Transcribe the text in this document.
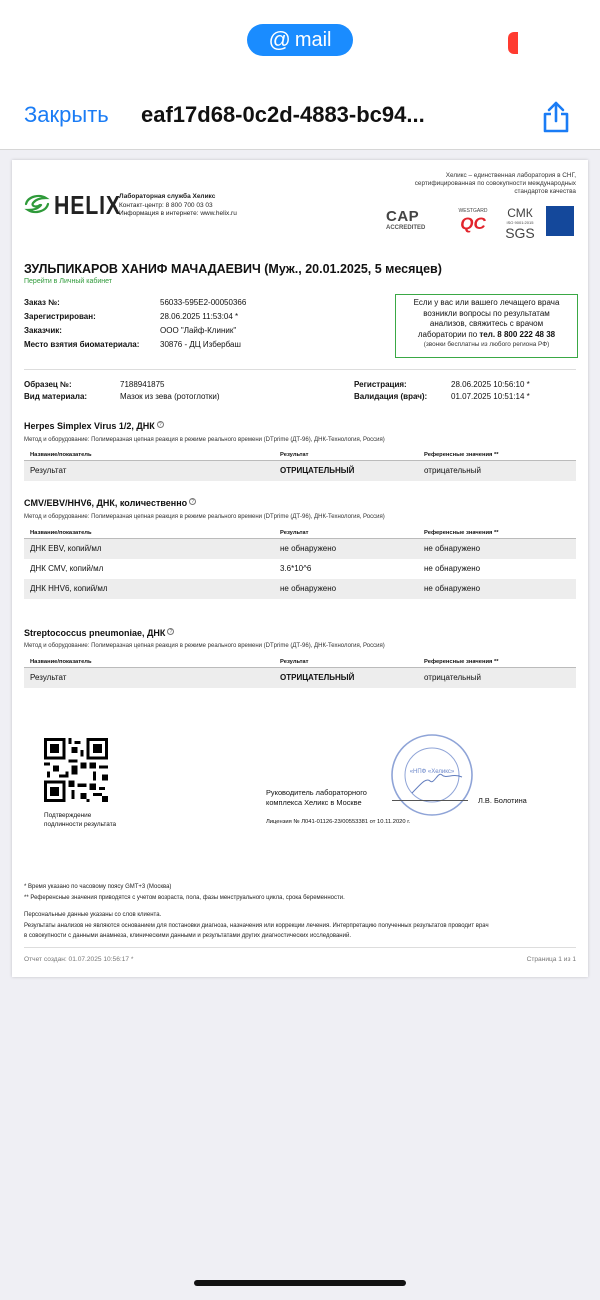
@ mail
Закрыть eaf17d68-0c2d-4883-bc94...
HELIX
Лабораторная служба Хеликс
Контакт-центр: 8 800 700 03 03
Информация в интернете: www.helix.ru
Хеликс – единственная лаборатория в СНГ,
сертифицированная по совокупности международных
стандартов качества
CAP
ACCREDITED
WESTGARD
QC
СМК
ISO 9001:2015
SGS
ЗУЛЬПИКАРОВ ХАНИФ МАЧАДАЕВИЧ (Муж., 20.01.2025, 5 месяцев)
Перейти в Личный кабинет
Заказ №:	56033-595E2-00050366
Зарегистрирован:	28.06.2025 11:53:04 *
Заказчик:	ООО "Лайф-Клиник"
Место взятия биоматериала:	30876 - ДЦ Избербаш
Если у вас или вашего лечащего врача
возникли вопросы по результатам
анализов, свяжитесь с врачом
лаборатории по тел. 8 800 222 48 38
(звонки бесплатны из любого региона РФ)
Образец №:	7188941875
Вид материала:	Мазок из зева (ротоглотки)
Регистрация:	28.06.2025 10:56:10 *
Валидация (врач):	01.07.2025 10:51:14 *
Herpes Simplex Virus 1/2, ДНК ?
Метод и оборудование: Полимеразная цепная реакция в режиме реального времени (DTprime (ДТ-96), ДНК-Технология, Россия)
Название/показатель	Результат	Референсные значения **
Результат	ОТРИЦАТЕЛЬНЫЙ	отрицательный
CMV/EBV/HHV6, ДНК, количественно ?
Метод и оборудование: Полимеразная цепная реакция в режиме реального времени (DTprime (ДТ-96), ДНК-Технология, Россия)
Название/показатель	Результат	Референсные значения **
ДНК EBV, копий/мл	не обнаружено	не обнаружено
ДНК CMV, копий/мл	3.6*10^6	не обнаружено
ДНК HHV6, копий/мл	не обнаружено	не обнаружено
Streptococcus pneumoniae, ДНК ?
Метод и оборудование: Полимеразная цепная реакция в режиме реального времени (DTprime (ДТ-96), ДНК-Технология, Россия)
Название/показатель	Результат	Референсные значения **
Результат	ОТРИЦАТЕЛЬНЫЙ	отрицательный
Подтверждение
подлинности результата
Руководитель лабораторного
комплекса Хеликс в Москве
«НПФ «Хеликс»
Л.В. Болотина
Лицензия № Л041-01126-23/00553381 от 10.11.2020 г.
* Время указано по часовому поясу GMT+3 (Москва)
** Референсные значения приводятся с учетом возраста, пола, фазы менструального цикла, срока беременности.
Персональные данные указаны со слов клиента.
Результаты анализов не являются основанием для постановки диагноза, назначения или коррекции лечения. Интерпретацию полученных результатов проводит врач
в совокупности с данными анамнеза, клиническими данными и результатами других диагностических исследований.
Отчет создан: 01.07.2025 10:56:17 *	Страница 1 из 1
